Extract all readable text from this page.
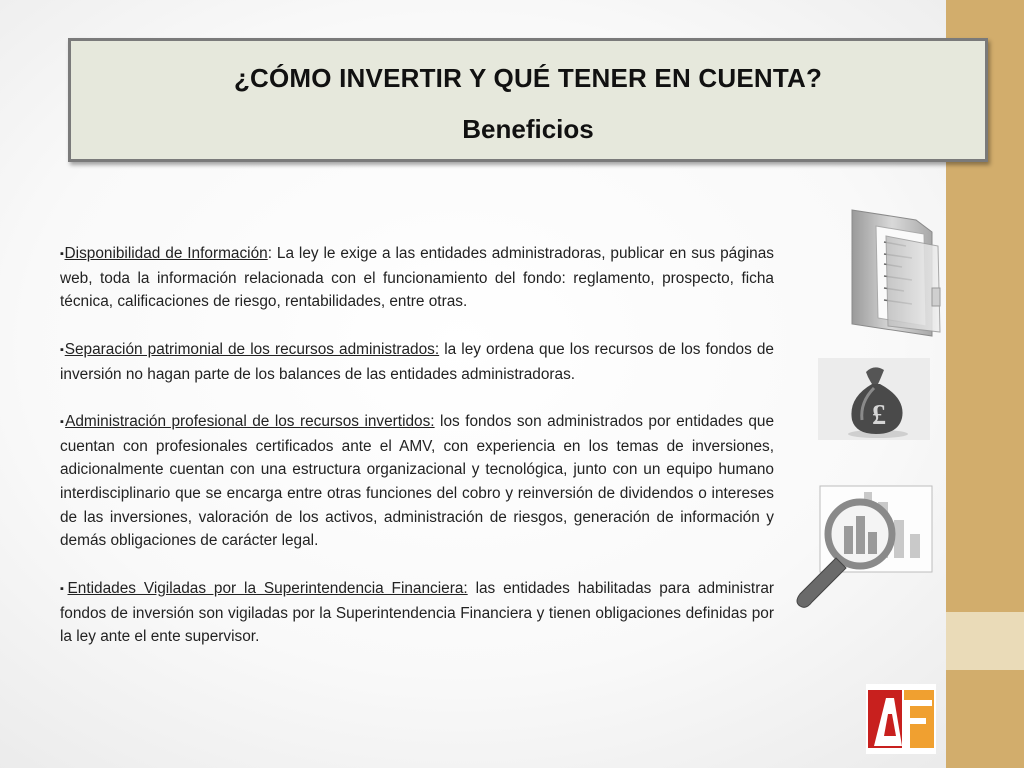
¿CÓMO INVERTIR Y QUÉ TENER EN CUENTA?
Beneficios

▪Disponibilidad de Información: La ley le exige a las entidades administradoras, publicar en sus páginas web, toda la información relacionada con el funcionamiento del fondo: reglamento, prospecto, ficha técnica, calificaciones de riesgo, rentabilidades, entre otras.

▪Separación patrimonial de los recursos administrados: la ley ordena que los recursos de los fondos de inversión no hagan parte de los balances de las entidades administradoras.

▪Administración profesional de los recursos invertidos: los fondos son administrados por entidades que cuentan con profesionales certificados ante el AMV, con experiencia en los temas de inversiones, adicionalmente cuentan con una estructura organizacional y tecnológica, junto con un equipo humano interdisciplinario que se encarga entre otras funciones del cobro y reinversión de dividendos o intereses de las inversiones, valoración de los activos, administración de riesgos, generación de información y demás obligaciones de carácter legal.

▪Entidades Vigiladas por la Superintendencia Financiera: las entidades habilitadas para administrar fondos de inversión son vigiladas por la Superintendencia Financiera y tienen obligaciones definidas por la ley ante el ente supervisor.

£
